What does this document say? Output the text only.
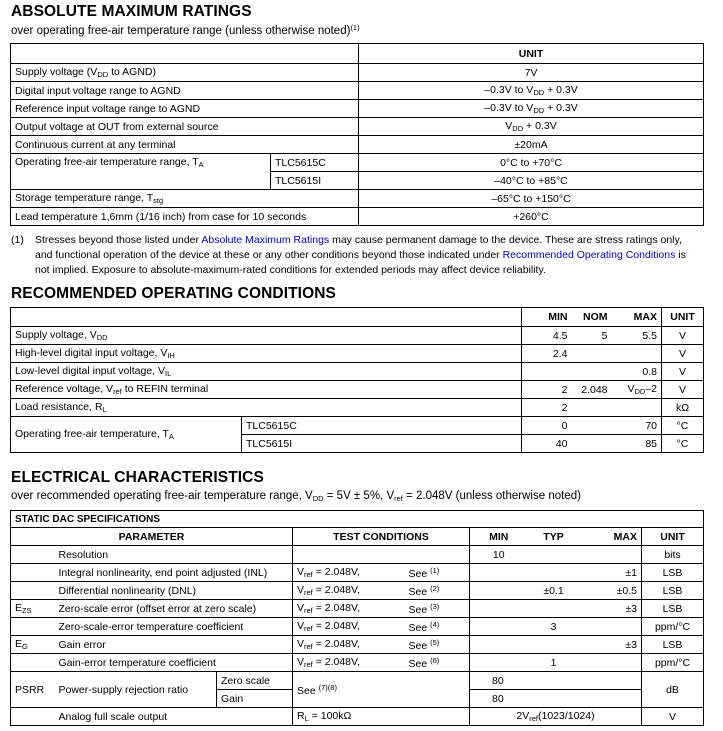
ABSOLUTE MAXIMUM RATINGS
over operating free-air temperature range (unless otherwise noted)$^{(1)}$
		UNIT
Supply voltage ($V_{DD}$ to AGND)		7V
Digital input voltage range to AGND		–0.3V to $V_{DD} + 0.3V$
Reference input voltage range to AGND		–0.3V to $V_{DD} + 0.3V$
Output voltage at OUT from external source		$V_{DD} + 0.3V$
Continuous current at any terminal		±20mA
Operating free-air temperature range, $T_A$	TLC5615C	0°C to +70°C
	TLC5615I	–40°C to +85°C
Storage temperature range, $T_{stg}$		–65°C to +150°C
Lead temperature 1,6mm (1/16 inch) from case for 10 seconds		+260°C
(1) Stresses beyond those listed under Absolute Maximum Ratings may cause permanent damage to the device. These are stress ratings only, and functional operation of the device at these or any other conditions beyond those indicated under Recommended Operating Conditions is not implied. Exposure to absolute-maximum-rated conditions for extended periods may affect device reliability.
RECOMMENDED OPERATING CONDITIONS
		MIN	NOM	MAX	UNIT
Supply voltage, $V_{DD}$		4.5	5	5.5	V
High-level digital input voltage, $V_{IH}$		2.4			V
Low-level digital input voltage, $V_{IL}$				0.8	V
Reference voltage, $V_{ref}$ to REFIN terminal		2	2.048	$V_{DD}-2$	V
Load resistance, $R_L$		2			kΩ
Operating free-air temperature, $T_A$	TLC5615C	0		70	°C
	TLC5615I	40		85	°C
ELECTRICAL CHARACTERISTICS
over recommended operating free-air temperature range, $V_{DD} = 5V \pm 5\%$, $V_{ref} = 2.048V$ (unless otherwise noted)
STATIC DAC SPECIFICATIONS								
PARAMETER			TEST CONDITIONS		MIN	TYP	MAX	UNIT
	Resolution				10			bits
	Integral nonlinearity, end point adjusted (INL)		$V_{ref} = 2.048V$,	See $^{(1)}$			±1	LSB
	Differential nonlinearity (DNL)		$V_{ref} = 2.048V$,	See $^{(2)}$		±0.1	±0.5	LSB
$E_{ZS}$	Zero-scale error (offset error at zero scale)		$V_{ref} = 2.048V$,	See $^{(3)}$			±3	LSB
	Zero-scale-error temperature coefficient		$V_{ref} = 2.048V$,	See $^{(4)}$		3		ppm/°C
$E_G$	Gain error		$V_{ref} = 2.048V$,	See $^{(5)}$			±3	LSB
	Gain-error temperature coefficient		$V_{ref} = 2.048V$,	See $^{(6)}$		1		ppm/°C
PSRR	Power-supply rejection ratio	Zero scale	See $^{(7)(8)}$		80			dB
		Gain			80			
	Analog full scale output		$R_L = 100k\Omega$		$2V_{ref}(1023/1024)$			V
